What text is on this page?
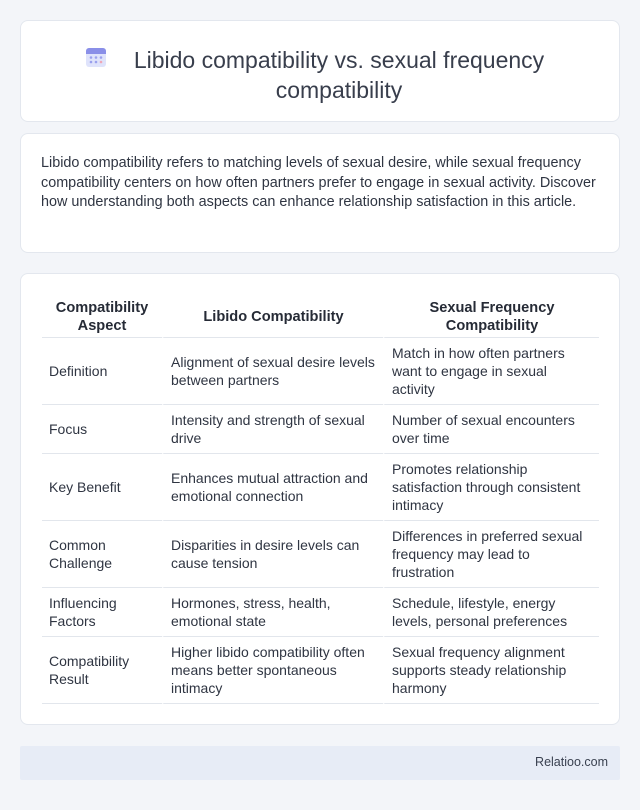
Libido compatibility vs. sexual frequency compatibility

Libido compatibility refers to matching levels of sexual desire, while sexual frequency compatibility centers on how often partners prefer to engage in sexual activity. Discover how understanding both aspects can enhance relationship satisfaction in this article.

Compatibility Aspect	Libido Compatibility	Sexual Frequency Compatibility
Definition	Alignment of sexual desire levels between partners	Match in how often partners want to engage in sexual activity
Focus	Intensity and strength of sexual drive	Number of sexual encounters over time
Key Benefit	Enhances mutual attraction and emotional connection	Promotes relationship satisfaction through consistent intimacy
Common Challenge	Disparities in desire levels can cause tension	Differences in preferred sexual frequency may lead to frustration
Influencing Factors	Hormones, stress, health, emotional state	Schedule, lifestyle, energy levels, personal preferences
Compatibility Result	Higher libido compatibility often means better spontaneous intimacy	Sexual frequency alignment supports steady relationship harmony
Relatioo.com
